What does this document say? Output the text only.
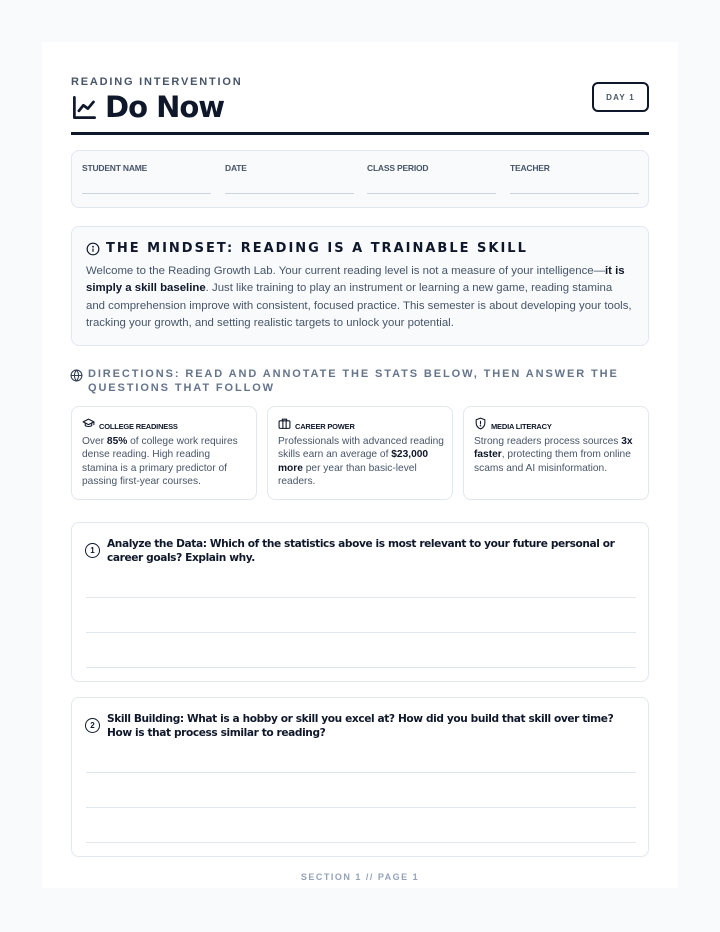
READING INTERVENTION
Do Now	DAY 1
STUDENT NAME	DATE	CLASS PERIOD	TEACHER
THE MINDSET: READING IS A TRAINABLE SKILL
Welcome to the Reading Growth Lab. Your current reading level is not a measure of your intelligence—it is simply a skill baseline. Just like training to play an instrument or learning a new game, reading stamina and comprehension improve with consistent, focused practice. This semester is about developing your tools, tracking your growth, and setting realistic targets to unlock your potential.
DIRECTIONS: READ AND ANNOTATE THE STATS BELOW, THEN ANSWER THE QUESTIONS THAT FOLLOW
COLLEGE READINESS
Over 85% of college work requires dense reading. High reading stamina is a primary predictor of passing first-year courses.
CAREER POWER
Professionals with advanced reading skills earn an average of $23,000 more per year than basic-level readers.
MEDIA LITERACY
Strong readers process sources 3x faster, protecting them from online scams and AI misinformation.
1
Analyze the Data: Which of the statistics above is most relevant to your future personal or career goals? Explain why.
2
Skill Building: What is a hobby or skill you excel at? How did you build that skill over time? How is that process similar to reading?
SECTION 1 // PAGE 1
